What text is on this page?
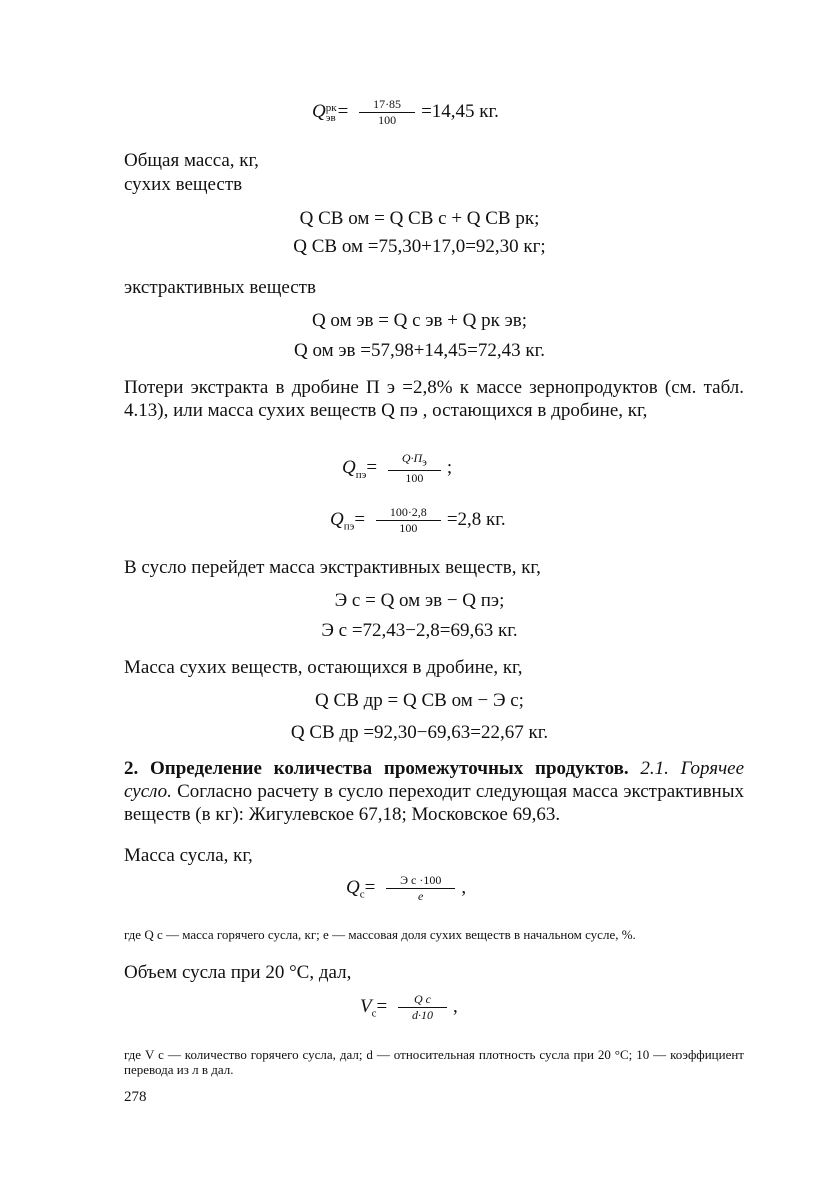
Q рк
эв = $\frac{17\cdot 85}{100} =14,45$ кг.
Общая масса, кг,
сухих веществ
Q СВ ом = Q СВ с + Q СВ рк;
Q СВ ом =75,30+17,0=92,30 кг;
экстрактивных веществ
Q ом эв = Q с эв + Q рк эв;
Q ом эв =57,98+14,45=72,43 кг.
Потери экстракта в дробине П э =2,8% к массе зернопродуктов (см. табл. 4.13), или масса сухих веществ Q пэ , остающихся в дробине, кг,
$Q_{пэ}= \frac{Q\cdot П_э}{100}$ ;
$Q_{пэ}= \frac{100\cdot 2,8}{100} =2,8$ кг.
В сусло перейдет масса экстрактивных веществ, кг,
Э с = Q ом эв − Q пэ;
Э с =72,43−2,8=69,63 кг.
Масса сухих веществ, остающихся в дробине, кг,
Q СВ др = Q СВ ом − Э с;
Q СВ др =92,30−69,63=22,67 кг.
2. Определение количества промежуточных продуктов. 2.1. Горячее сусло. Согласно расчету в сусло переходит следующая масса экстрактивных веществ (в кг): Жигулевское 67,18; Московское 69,63.
Масса сусла, кг,
$Q_с= \frac{\text{Э с ·100}}{е}$ ,
где Q с — масса горячего сусла, кг; е — массовая доля сухих веществ в начальном сусле, %.
Объем сусла при 20 °С, дал,
$V_с= \frac{\text{Q с}}{d\cdot 10}$ ,
где V с — количество горячего сусла, дал; d — относительная плотность сусла при 20 °С; 10 — коэффициент перевода из л в дал.
278
